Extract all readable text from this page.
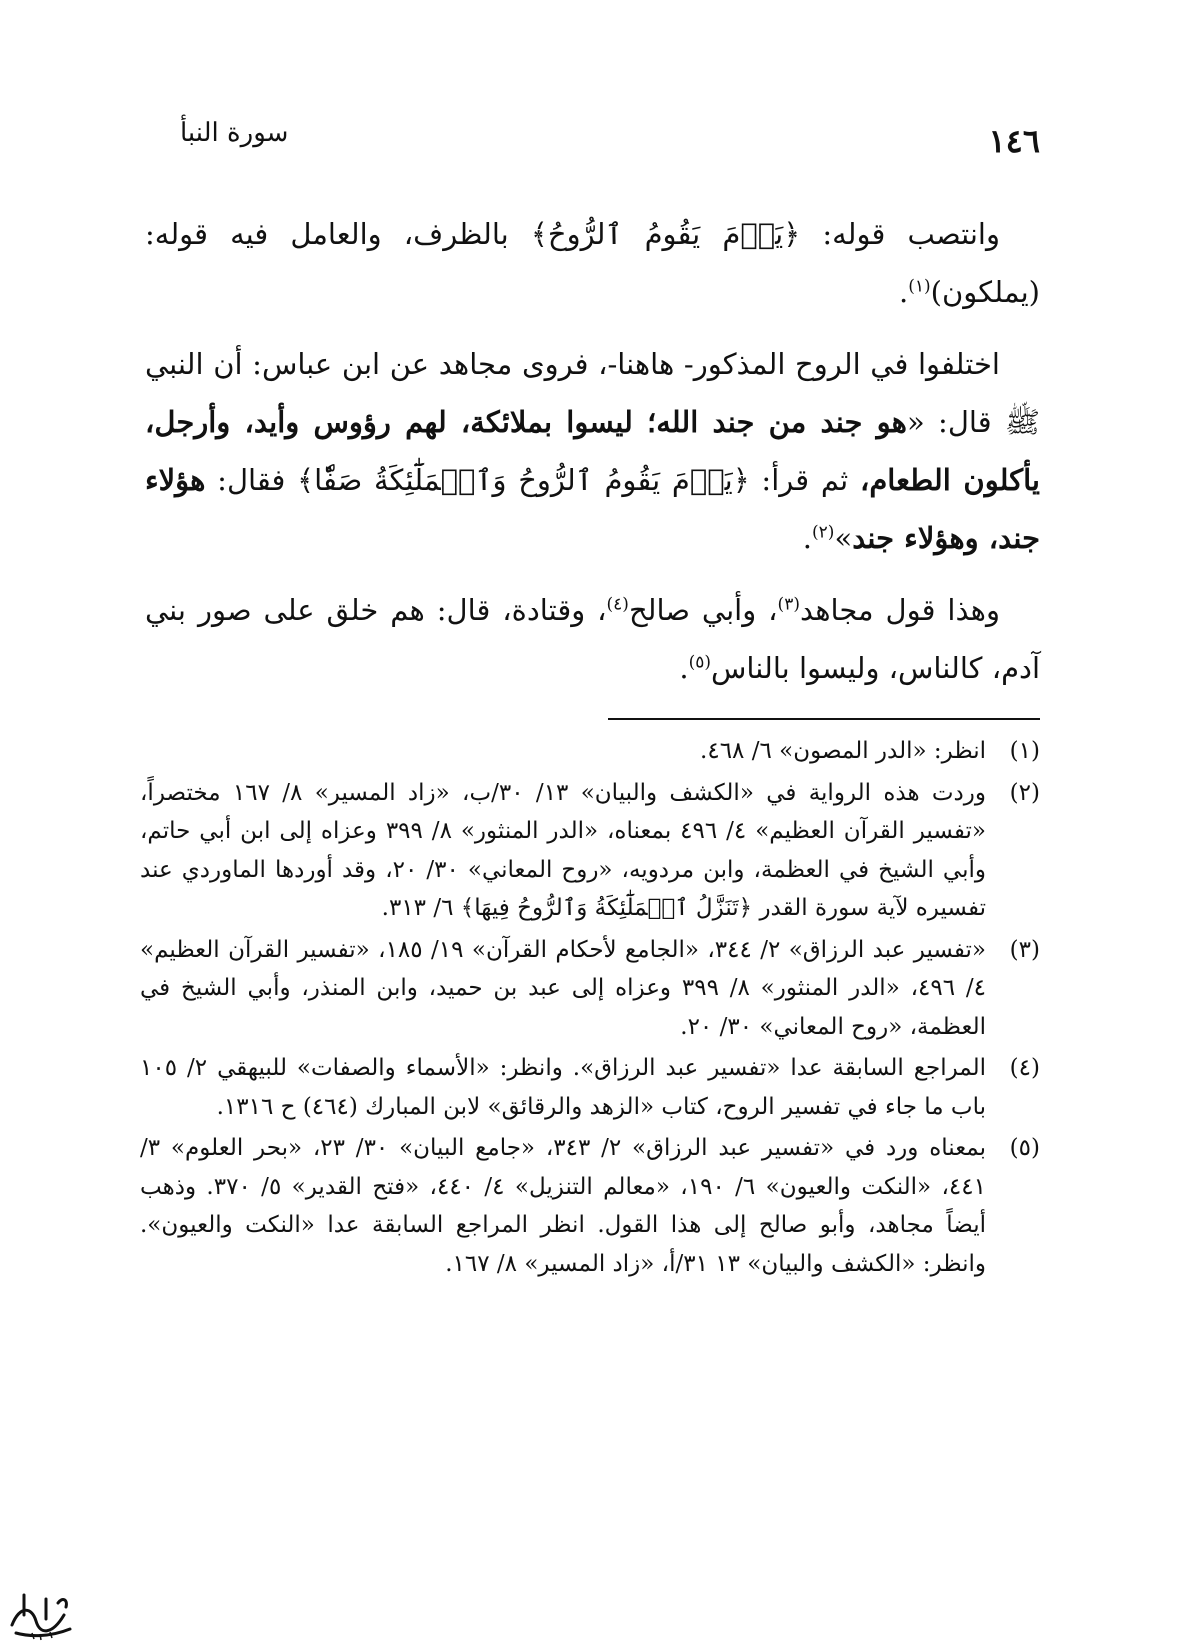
١٤٦
سورة النبأ

وانتصب قوله: ﴿يَوۡمَ يَقُومُ ٱلرُّوحُ﴾ بالظرف، والعامل فيه قوله: (يملكون)$^{(١)}$.

اختلفوا في الروح المذكور- هاهنا-، فروى مجاهد عن ابن عباس: أن النبي ﷺ قال: «هو جند من جند الله؛ ليسوا بملائكة، لهم رؤوس وأيد، وأرجل، يأكلون الطعام، ثم قرأ: ﴿يَوۡمَ يَقُومُ ٱلرُّوحُ وَٱلۡمَلَٰٓئِكَةُ صَفّٗا﴾ فقال: هؤلاء جند، وهؤلاء جند»$^{(٢)}$.

وهذا قول مجاهد$^{(٣)}$، وأبي صالح$^{(٤)}$، وقتادة، قال: هم خلق على صور بني آدم، كالناس، وليسوا بالناس$^{(٥)}$.

(١)
انظر: «الدر المصون» ٦/ ٤٦٨.
(٢)
وردت هذه الرواية في «الكشف والبيان» ١٣/ ٣٠/ب، «زاد المسير» ٨/ ١٦٧ مختصراً، «تفسير القرآن العظيم» ٤/ ٤٩٦ بمعناه، «الدر المنثور» ٨/ ٣٩٩ وعزاه إلى ابن أبي حاتم، وأبي الشيخ في العظمة، وابن مردويه، «روح المعاني» ٣٠/ ٢٠، وقد أوردها الماوردي عند تفسيره لآية سورة القدر ﴿تَنَزَّلُ ٱلۡمَلَٰٓئِكَةُ وَٱلرُّوحُ فِيهَا﴾ ٦/ ٣١٣.
(٣)
«تفسير عبد الرزاق» ٢/ ٣٤٤، «الجامع لأحكام القرآن» ١٩/ ١٨٥، «تفسير القرآن العظيم» ٤/ ٤٩٦، «الدر المنثور» ٨/ ٣٩٩ وعزاه إلى عبد بن حميد، وابن المنذر، وأبي الشيخ في العظمة، «روح المعاني» ٣٠/ ٢٠.
(٤)
المراجع السابقة عدا «تفسير عبد الرزاق». وانظر: «الأسماء والصفات» للبيهقي ٢/ ١٠٥ باب ما جاء في تفسير الروح، كتاب «الزهد والرقائق» لابن المبارك (٤٦٤) ح ١٣١٦.
(٥)
بمعناه ورد في «تفسير عبد الرزاق» ٢/ ٣٤٣، «جامع البيان» ٣٠/ ٢٣، «بحر العلوم» ٣/ ٤٤١، «النكت والعيون» ٦/ ١٩٠، «معالم التنزيل» ٤/ ٤٤٠، «فتح القدير» ٥/ ٣٧٠. وذهب أيضاً مجاهد، وأبو صالح إلى هذا القول. انظر المراجع السابقة عدا «النكت والعيون». وانظر: «الكشف والبيان» ١٣ ٣١/أ، «زاد المسير» ٨/ ١٦٧.
